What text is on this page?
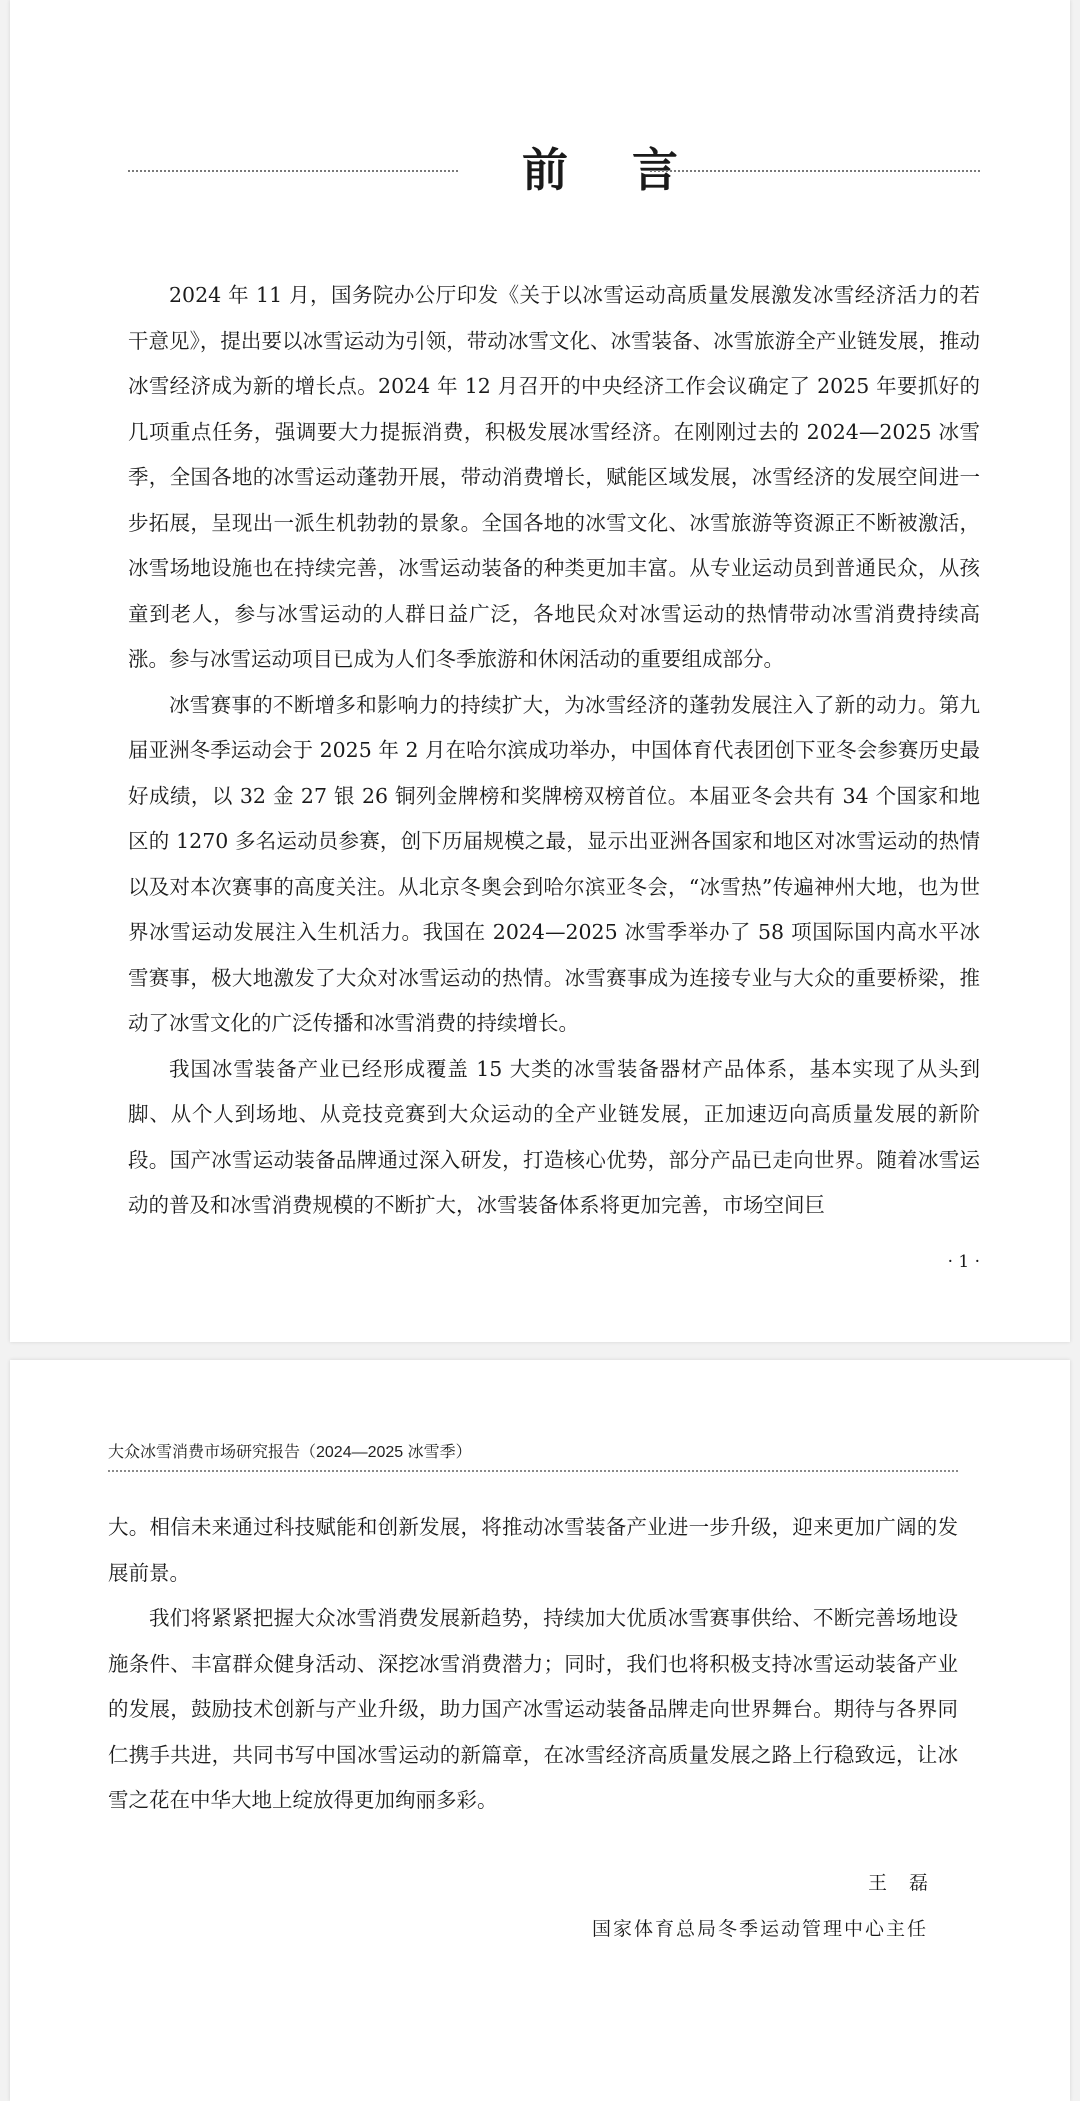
前言

2024 年 11 月，国务院办公厅印发《关于以冰雪运动高质量发展激发冰雪经济活力的若干意见》，提出要以冰雪运动为引领，带动冰雪文化、冰雪装备、冰雪旅游全产业链发展，推动冰雪经济成为新的增长点。2024 年 12 月召开的中央经济工作会议确定了 2025 年要抓好的几项重点任务，强调要大力提振消费，积极发展冰雪经济。在刚刚过去的 2024—2025 冰雪季，全国各地的冰雪运动蓬勃开展，带动消费增长，赋能区域发展，冰雪经济的发展空间进一步拓展，呈现出一派生机勃勃的景象。全国各地的冰雪文化、冰雪旅游等资源正不断被激活，冰雪场地设施也在持续完善，冰雪运动装备的种类更加丰富。从专业运动员到普通民众，从孩童到老人，参与冰雪运动的人群日益广泛，各地民众对冰雪运动的热情带动冰雪消费持续高涨。参与冰雪运动项目已成为人们冬季旅游和休闲活动的重要组成部分。

冰雪赛事的不断增多和影响力的持续扩大，为冰雪经济的蓬勃发展注入了新的动力。第九届亚洲冬季运动会于 2025 年 2 月在哈尔滨成功举办，中国体育代表团创下亚冬会参赛历史最好成绩，以 32 金 27 银 26 铜列金牌榜和奖牌榜双榜首位。本届亚冬会共有 34 个国家和地区的 1270 多名运动员参赛，创下历届规模之最，显示出亚洲各国家和地区对冰雪运动的热情以及对本次赛事的高度关注。从北京冬奥会到哈尔滨亚冬会，“冰雪热”传遍神州大地，也为世界冰雪运动发展注入生机活力。我国在 2024—2025 冰雪季举办了 58 项国际国内高水平冰雪赛事，极大地激发了大众对冰雪运动的热情。冰雪赛事成为连接专业与大众的重要桥梁，推动了冰雪文化的广泛传播和冰雪消费的持续增长。

我国冰雪装备产业已经形成覆盖 15 大类的冰雪装备器材产品体系，基本实现了从头到脚、从个人到场地、从竞技竞赛到大众运动的全产业链发展，正加速迈向高质量发展的新阶段。国产冰雪运动装备品牌通过深入研发，打造核心优势，部分产品已走向世界。随着冰雪运动的普及和冰雪消费规模的不断扩大，冰雪装备体系将更加完善，市场空间巨

· 1 ·
大众冰雪消费市场研究报告（2024—2025 冰雪季）

大。相信未来通过科技赋能和创新发展，将推动冰雪装备产业进一步升级，迎来更加广阔的发展前景。

我们将紧紧把握大众冰雪消费发展新趋势，持续加大优质冰雪赛事供给、不断完善场地设施条件、丰富群众健身活动、深挖冰雪消费潜力；同时，我们也将积极支持冰雪运动装备产业的发展，鼓励技术创新与产业升级，助力国产冰雪运动装备品牌走向世界舞台。期待与各界同仁携手共进，共同书写中国冰雪运动的新篇章，在冰雪经济高质量发展之路上行稳致远，让冰雪之花在中华大地上绽放得更加绚丽多彩。

王磊
国家体育总局冬季运动管理中心主任
